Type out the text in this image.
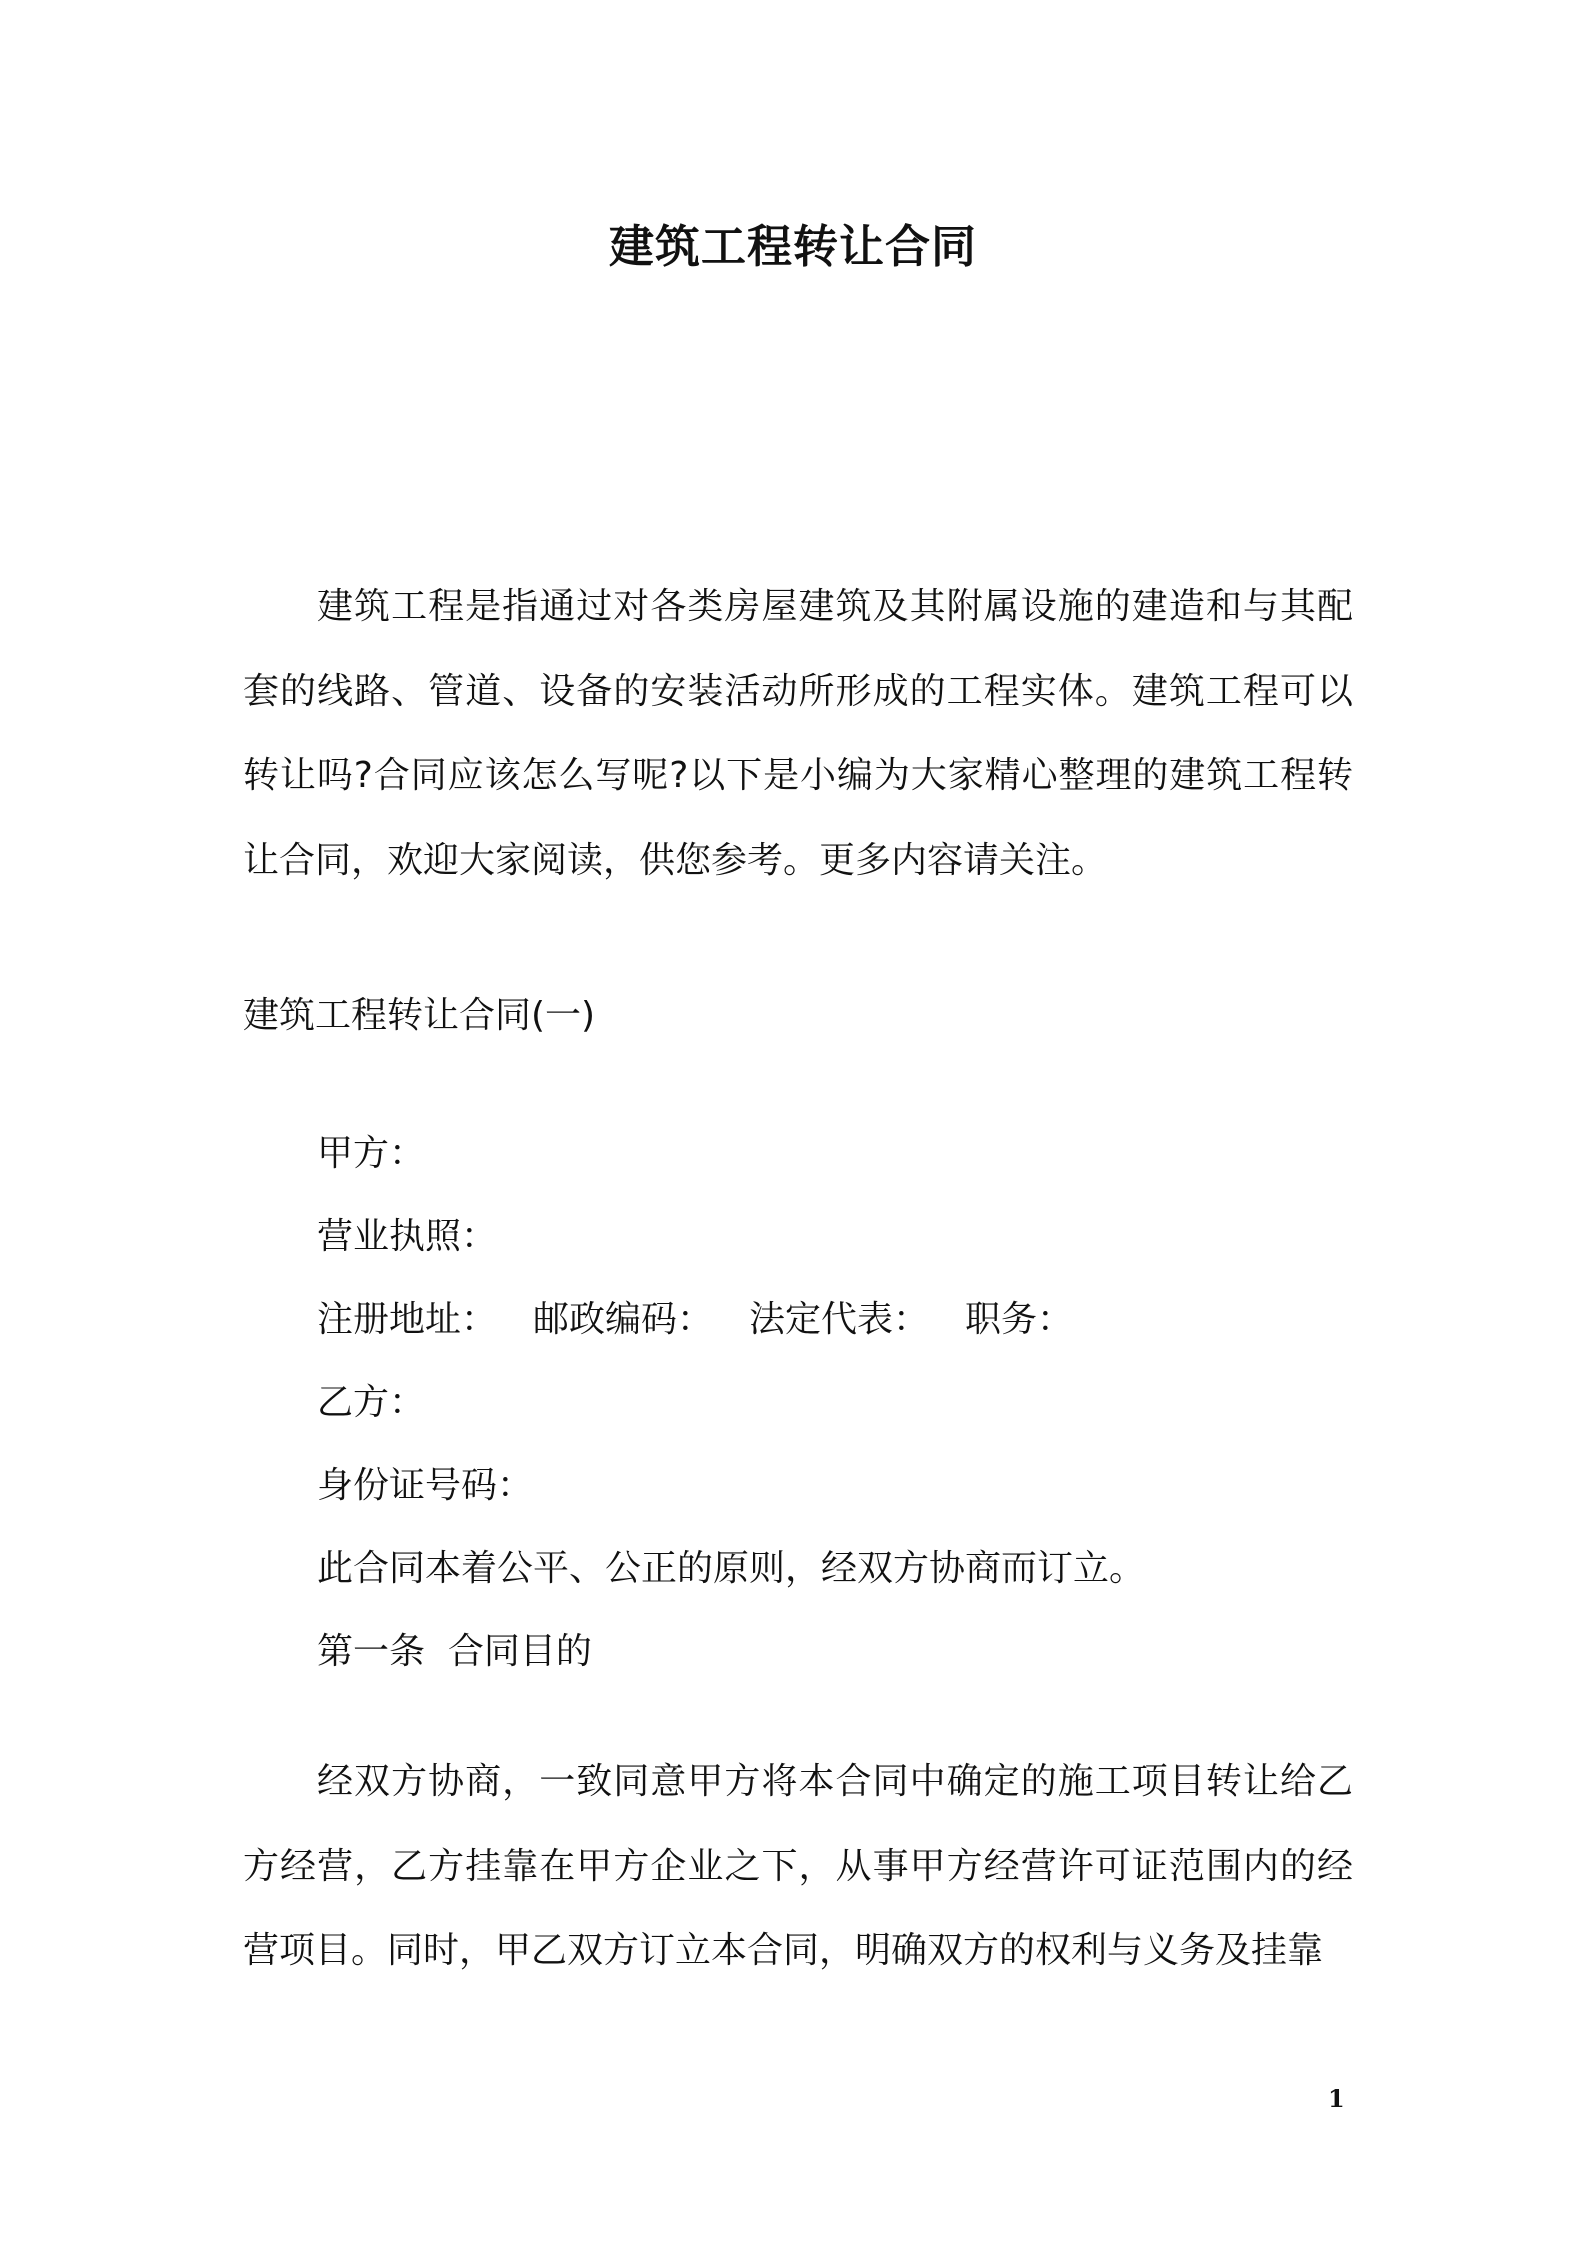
建筑工程转让合同

建筑工程是指通过对各类房屋建筑及其附属设施的建造和与其配套的线路、管道、设备的安装活动所形成的工程实体。建筑工程可以转让吗?合同应该怎么写呢?以下是小编为大家精心整理的建筑工程转让合同，欢迎大家阅读，供您参考。更多内容请关注。

建筑工程转让合同(一)

甲方：

营业执照：

注册地址： 邮政编码： 法定代表： 职务：

乙方：

身份证号码：

此合同本着公平、公正的原则，经双方协商而订立。

第一条  合同目的

经双方协商，一致同意甲方将本合同中确定的施工项目转让给乙方经营，乙方挂靠在甲方企业之下，从事甲方经营许可证范围内的经营项目。同时，甲乙双方订立本合同，明确双方的权利与义务及挂靠

1
